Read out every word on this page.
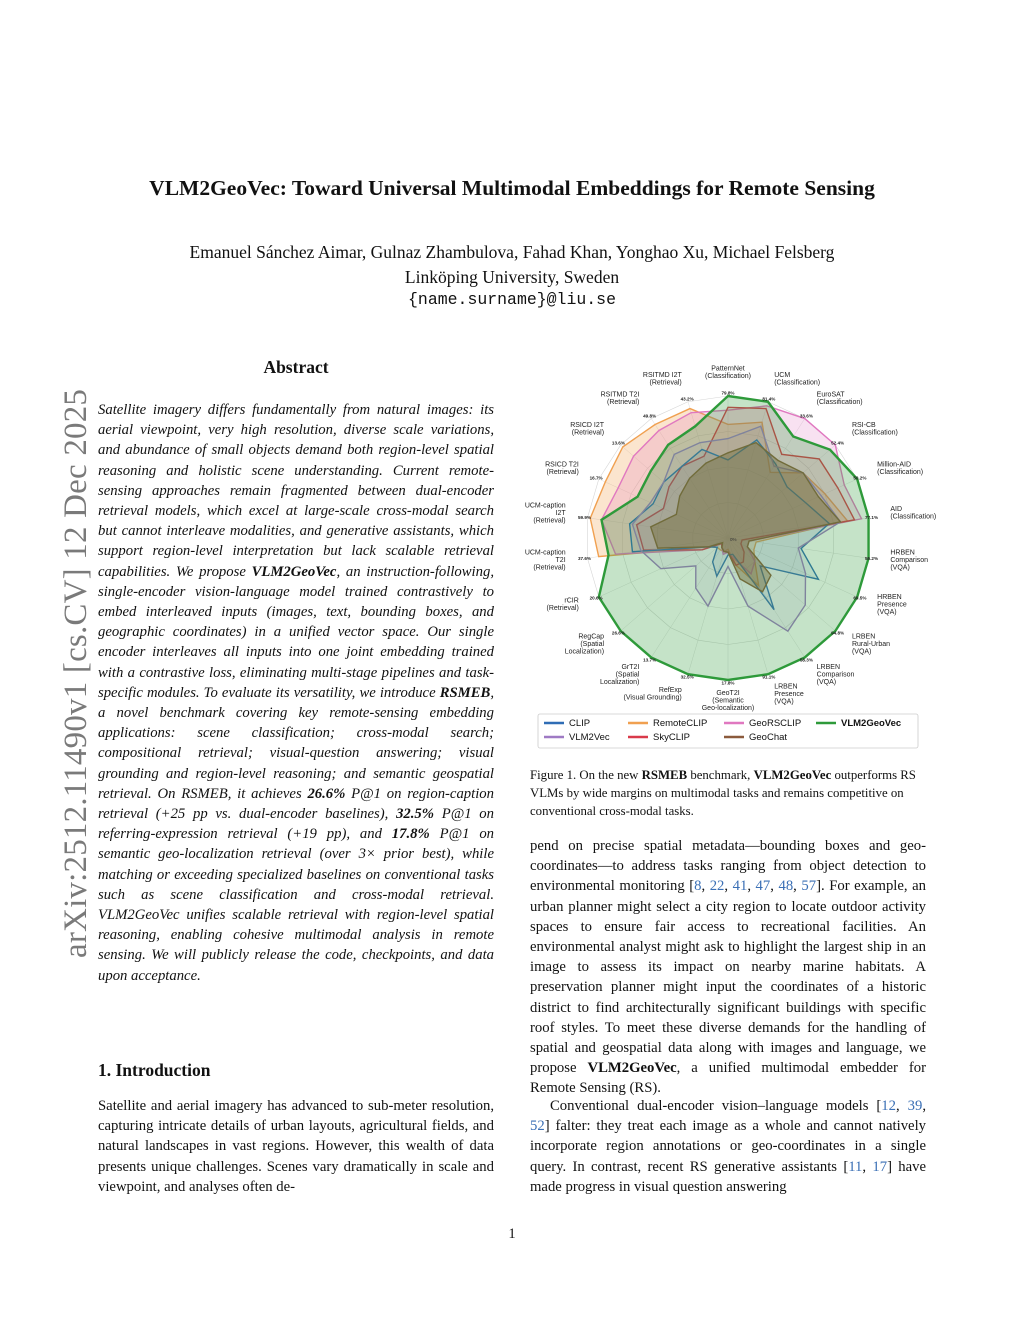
VLM2GeoVec: Toward Universal Multimodal Embeddings for Remote Sensing
Emanuel Sánchez Aimar, Gulnaz Zhambulova, Fahad Khan, Yonghao Xu, Michael Felsberg
Linköping University, Sweden
{name.surname}@liu.se
arXiv:2512.11490v1 [cs.CV] 12 Dec 2025
Abstract
Satellite imagery differs fundamentally from natural images: its aerial viewpoint, very high resolution, diverse scale variations, and abundance of small objects demand both region-level spatial reasoning and holistic scene understanding. Current remote-sensing approaches remain fragmented between dual-encoder retrieval models, which excel at large-scale cross-modal search but cannot interleave modalities, and generative assistants, which support region-level interpretation but lack scalable retrieval capabilities. We propose VLM2GeoVec, an instruction-following, single-encoder vision-language model trained contrastively to embed interleaved inputs (images, text, bounding boxes, and geographic coordinates) in a unified vector space. Our single encoder interleaves all inputs into one joint embedding trained with a contrastive loss, eliminating multi-stage pipelines and task-specific modules. To evaluate its versatility, we introduce RSMEB, a novel benchmark covering key remote-sensing embedding applications: scene classification; cross-modal search; compositional retrieval; visual-question answering; visual grounding and region-level reasoning; and semantic geospatial retrieval. On RSMEB, it achieves 26.6% P@1 on region-caption retrieval (+25 pp vs. dual-encoder baselines), 32.5% P@1 on referring-expression retrieval (+19 pp), and 17.8% P@1 on semantic geo-localization retrieval (over 3× prior best), while matching or exceeding specialized baselines on conventional tasks such as scene classification and cross-modal retrieval. VLM2GeoVec unifies scalable retrieval with region-level spatial reasoning, enabling cohesive multimodal analysis in remote sensing. We will publicly release the code, checkpoints, and data upon acceptance.
1. Introduction
Satellite and aerial imagery has advanced to sub-meter resolution, capturing intricate details of urban layouts, agricultural fields, and natural landscapes in vast regions. However, this wealth of data presents unique challenges. Scenes vary dramatically in scale and viewpoint, and analyses often de-
0%
79.8%
PatternNet (Classification)
81.4%
UCM (Classification)
33.6%
EuroSAT (Classification)
52.4%
RSI-CB (Classification)
50.2%
Million-AID (Classification)
77.1%
AID (Classification)
55.2%
HRBEN Comparison (VQA)
69.5% HRBEN Presence (VQA)
94.8%
LRBEN Rural-Urban (VQA)
58.3%
LRBEN Comparison (VQA)
91.1%
LRBEN Presence (VQA)
17.8%
GeoT2I (Semantic Geo-localization)
32.5%
RefExp (Visual Grounding)
13.7%
GrT2I (Spatial Localization)
26.6%
RegCap (Spatial Localization)
20.6%
rCIR (Retrieval)
37.6%
UCM-caption T2I (Retrieval)
59.9%
UCM-caption I2T (Retrieval)
16.7%
RSICD T2I (Retrieval)
13.6%
RSICD I2T (Retrieval)
49.8%
RSITMD T2I (Retrieval)
43.2%
RSITMD I2T (Retrieval)
CLIP	RemoteCLIP	GeoRSCLIP	VLM2GeoVec
VLM2Vec	SkyCLIP	GeoChat
Figure 1. On the new RSMEB benchmark, VLM2GeoVec outperforms RS VLMs by wide margins on multimodal tasks and remains competitive on conventional cross-modal tasks.
pend on precise spatial metadata—bounding boxes and geo-coordinates—to address tasks ranging from object detection to environmental monitoring [8, 22, 41, 47, 48, 57]. For example, an urban planner might select a city region to locate outdoor activity spaces to ensure fair access to recreational facilities. An environmental analyst might ask to highlight the largest ship in an image to assess its impact on nearby marine habitats. A preservation planner might input the coordinates of a historic district to find architecturally significant buildings with specific roof styles. To meet these diverse demands for the handling of spatial and geospatial data along with images and language, we propose VLM2GeoVec, a unified multimodal embedder for Remote Sensing (RS).
Conventional dual-encoder vision–language models [12, 39, 52] falter: they treat each image as a whole and cannot natively incorporate region annotations or geo-coordinates in a single query. In contrast, recent RS generative assistants [11, 17] have made progress in visual question answering
1
